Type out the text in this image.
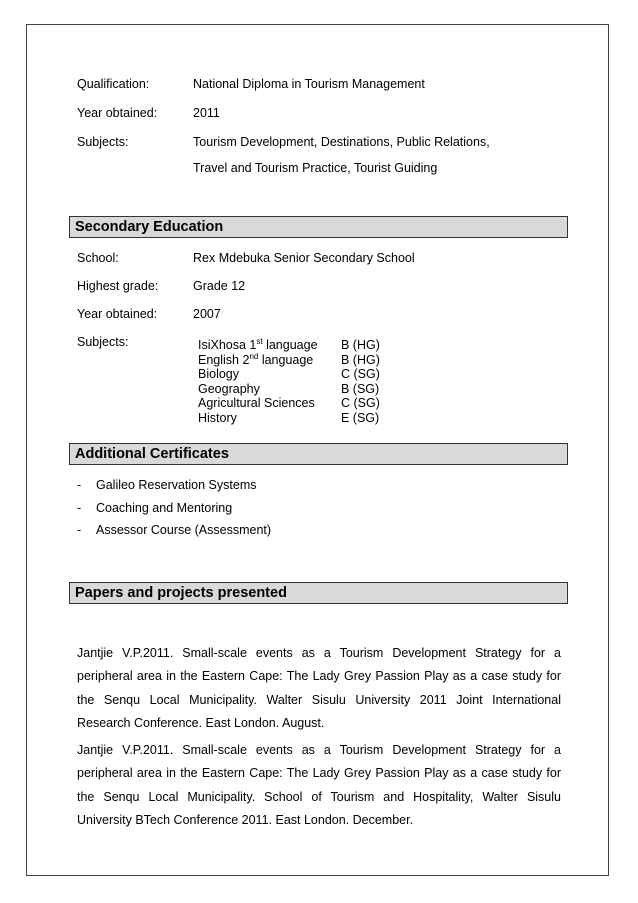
Qualification:	National Diploma in Tourism Management
Year obtained:	2011
Subjects:	Tourism Development, Destinations, Public Relations,
Travel and Tourism Practice, Tourist Guiding
Secondary Education
School:	Rex Mdebuka Senior Secondary School
Highest grade:	Grade 12
Year obtained:	2007
Subjects:	IsiXhosa 1st language B (HG)
English 2nd language B (HG)
Biology	C (SG)
Geography	B (SG)
Agricultural Sciences C (SG)
History	E (SG)
Additional Certificates
- Galileo Reservation Systems
- Coaching and Mentoring
- Assessor Course (Assessment)
Papers and projects presented

Jantjie V.P.2011. Small-scale events as a Tourism Development Strategy for a peripheral area in the Eastern Cape: The Lady Grey Passion Play as a case study for the Senqu Local Municipality. Walter Sisulu University 2011 Joint International Research Conference. East London. August.

Jantjie V.P.2011. Small-scale events as a Tourism Development Strategy for a peripheral area in the Eastern Cape: The Lady Grey Passion Play as a case study for the Senqu Local Municipality. School of Tourism and Hospitality, Walter Sisulu University BTech Conference 2011. East London. December.
